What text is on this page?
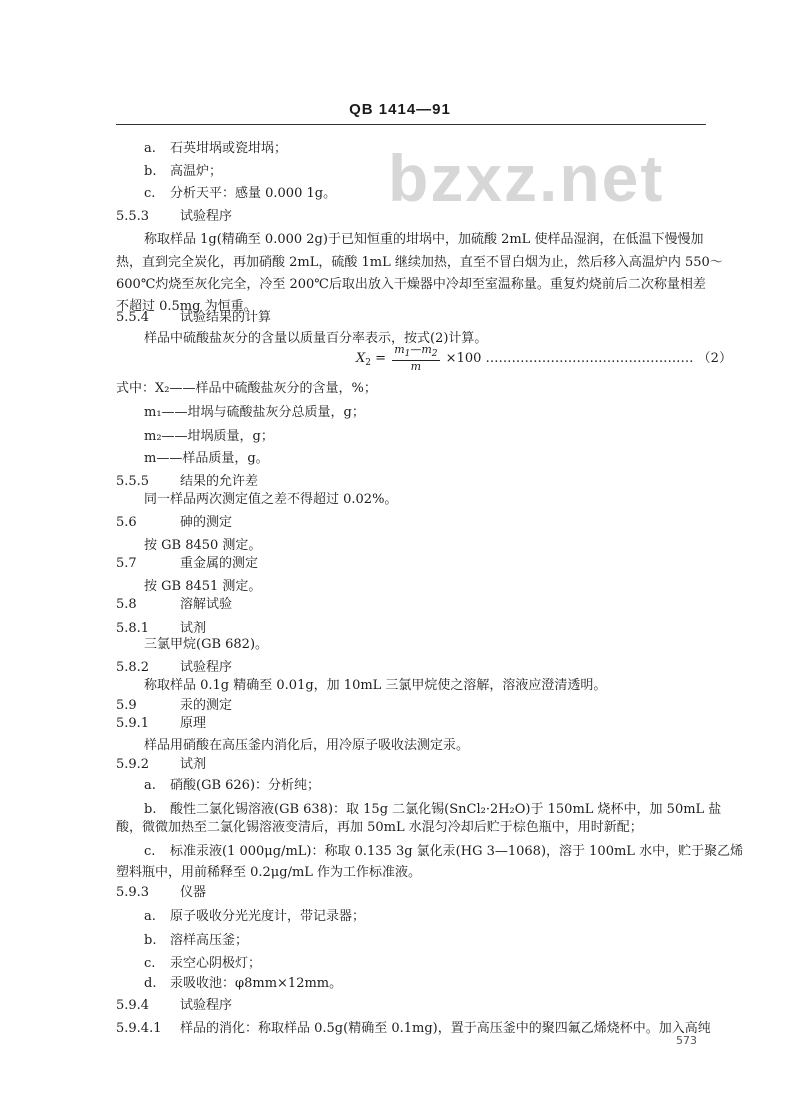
QB 1414—91
bzxz.net
a. 石英坩埚或瓷坩埚；
b. 高温炉；
c. 分析天平：感量 0.000 1g。
5.5.3 试验程序
称取样品 1g(精确至 0.000 2g)于已知恒重的坩埚中，加硫酸 2mL 使样品湿润，在低温下慢慢加
热，直到完全炭化，再加硝酸 2mL，硫酸 1mL 继续加热，直至不冒白烟为止，然后移入高温炉内 550～
600℃灼烧至灰化完全，冷至 200℃后取出放入干燥器中冷却至室温称量。重复灼烧前后二次称量相差
不超过 0.5mg 为恒重。
5.5.4 试验结果的计算
样品中硫酸盐灰分的含量以质量百分率表示，按式(2)计算。
式中：X₂——样品中硫酸盐灰分的含量，%；
m₁——坩埚与硫酸盐灰分总质量，g；
m₂——坩埚质量，g；
m——样品质量，g。
5.5.5 结果的允许差
同一样品两次测定值之差不得超过 0.02%。
5.6	砷的测定
按 GB 8450 测定。
5.7	重金属的测定
按 GB 8451 测定。
5.8	溶解试验
5.8.1 试剂
三氯甲烷(GB 682)。
5.8.2 试验程序
称取样品 0.1g 精确至 0.01g，加 10mL 三氯甲烷使之溶解，溶液应澄清透明。
5.9	汞的测定
5.9.1 原理
样品用硝酸在高压釜内消化后，用冷原子吸收法测定汞。
5.9.2 试剂
a. 硝酸(GB 626)：分析纯；
b. 酸性二氯化锡溶液(GB 638)：取 15g 二氯化锡(SnCl₂·2H₂O)于 150mL 烧杯中，加 50mL 盐
酸，微微加热至二氯化锡溶液变清后，再加 50mL 水混匀冷却后贮于棕色瓶中，用时新配；
c. 标准汞液(1 000μg/mL)：称取 0.135 3g 氯化汞(HG 3—1068)，溶于 100mL 水中，贮于聚乙烯
塑料瓶中，用前稀释至 0.2μg/mL 作为工作标准液。
5.9.3 仪器
a. 原子吸收分光光度计，带记录器；
b. 溶样高压釜；
c. 汞空心阴极灯；
d. 汞吸收池：φ8mm×12mm。
5.9.4 试验程序
5.9.4.1 样品的消化：称取样品 0.5g(精确至 0.1mg)，置于高压釜中的聚四氟乙烯烧杯中。加入高纯
$X_2 = \frac{m_1—m_2}{m} \times 100$ ………………………………………… （2）
573
